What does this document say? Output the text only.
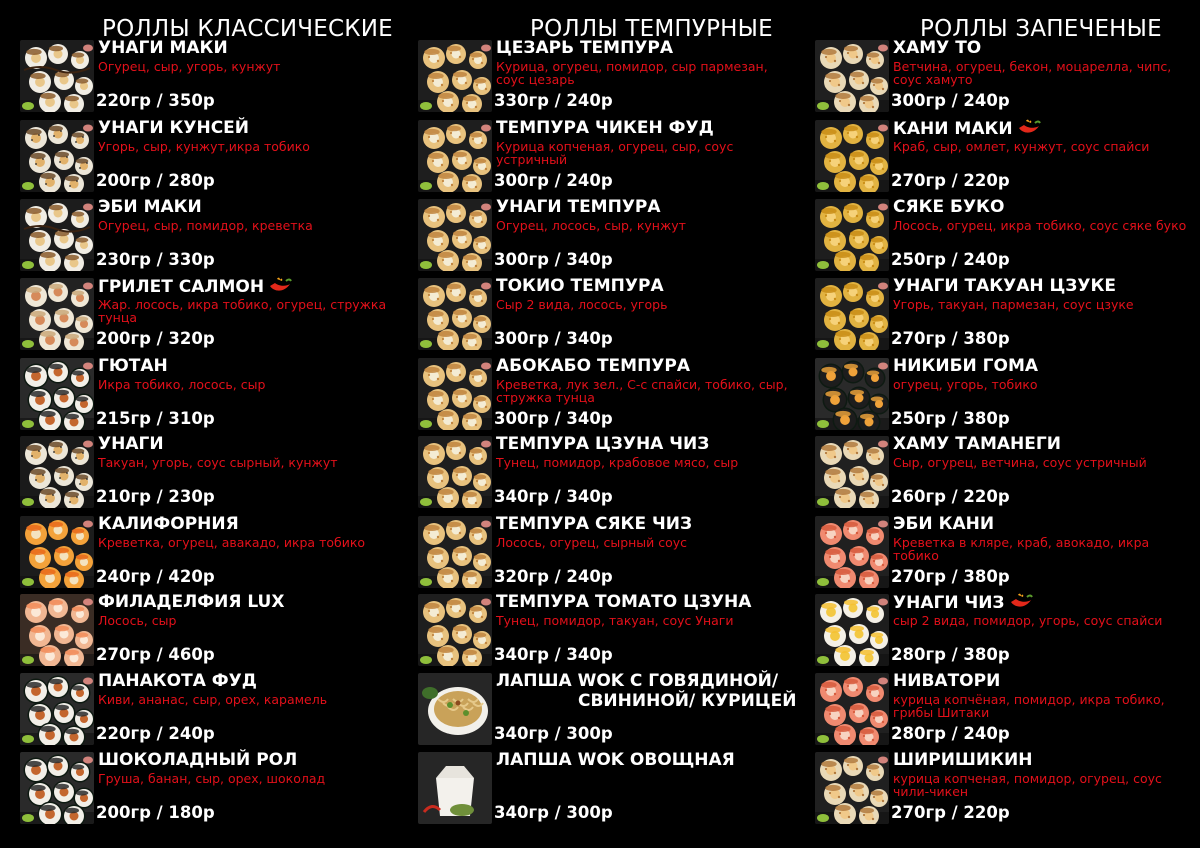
РОЛЛЫ КЛАССИЧЕСКИЕ
УНАГИ МАКИ
Огурец, сыр, угорь, кунжут
220гр / 350р
УНАГИ КУНСЕЙ
Угорь, сыр, кунжут,икра тобико
200гр / 280р
ЭБИ МАКИ
Огурец, сыр, помидор, креветка
230гр / 330р
ГРИЛЕТ САЛМОН
Жар. лосось, икра тобико, огурец, стружка тунца
200гр / 320р
ГЮТАН
Икра тобико, лосось, сыр
215гр / 310р
УНАГИ
Такуан, угорь, соус сырный, кунжут
210гр / 230р
КАЛИФОРНИЯ
Креветка, огурец, авакадо, икра тобико
240гр / 420р
ФИЛАДЕЛФИЯ LUX
Лосось, сыр
270гр / 460р
ПАНАКОТА ФУД
Киви, ананас, сыр, орех, карамель
220гр / 240р
ШОКОЛАДНЫЙ РОЛ
Груша, банан, сыр, орех, шоколад
200гр / 180р
РОЛЛЫ ТЕМПУРНЫЕ
ЦЕЗАРЬ ТЕМПУРА
Курица, огурец, помидор, сыр пармезан, соус цезарь
330гр / 240р
ТЕМПУРА ЧИКЕН ФУД
Курица копченая, огурец, сыр, соус устричный
300гр / 240р
УНАГИ ТЕМПУРА
Огурец, лосось, сыр, кунжут
300гр / 340р
ТОКИО ТЕМПУРА
Сыр 2 вида, лосось, угорь
300гр / 340р
АБОКАБО ТЕМПУРА
Креветка, лук зел., С-с спайси, тобико, сыр, стружка тунца
300гр / 340р
ТЕМПУРА ЦЗУНА ЧИЗ
Тунец, помидор, крабовое мясо, сыр
340гр / 340р
ТЕМПУРА СЯКЕ ЧИЗ
Лосось, огурец, сырный соус
320гр / 240р
ТЕМПУРА ТОМАТО ЦЗУНА
Тунец, помидор, такуан, соус Унаги
340гр / 340р
ЛАПША WOK С ГОВЯДИНОЙ/
СВИНИНОЙ/ КУРИЦЕЙ
340гр / 300р
ЛАПША WOK ОВОЩНАЯ
340гр / 300р
РОЛЛЫ ЗАПЕЧЕНЫЕ
ХАМУ ТО
Ветчина, огурец, бекон, моцарелла, чипс, соус хамуто
300гр / 240р
КАНИ МАКИ
Краб, сыр, омлет, кунжут, соус спайси
270гр / 220р
СЯКЕ БУКО
Лосось, огурец, икра тобико, соус сяке буко
250гр / 240р
УНАГИ ТАКУАН ЦЗУКЕ
Угорь, такуан, пармезан, соус цзуке
270гр / 380р
НИКИБИ ГОМА
огурец, угорь, тобико
250гр / 380р
ХАМУ ТАМАНЕГИ
Сыр, огурец, ветчина, соус устричный
260гр / 220р
ЭБИ КАНИ
Креветка в кляре, краб, авокадо, икра тобико
270гр / 380р
УНАГИ ЧИЗ
сыр 2 вида, помидор, угорь, соус спайси
280гр / 380р
НИВАТОРИ
курица копчёная, помидор, икра тобико, грибы Шитаки
280гр / 240р
ШИРИШИКИН
курица копченая, помидор, огурец, соус чили-чикен
270гр / 220р
